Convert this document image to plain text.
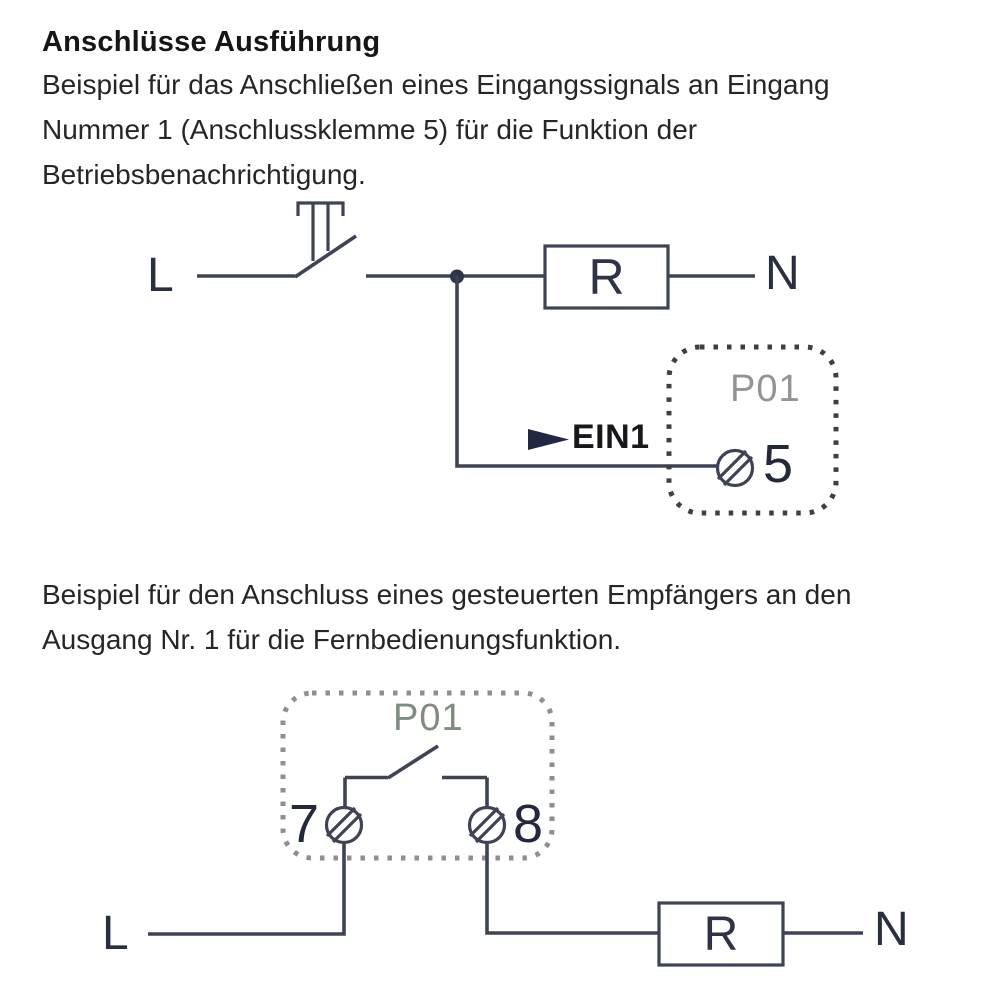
Anschlüsse Ausführung
Beispiel für das Anschließen eines Eingangssignals an Eingang
Nummer 1 (Anschlussklemme 5) für die Funktion der
Betriebsbenachrichtigung.
Beispiel für den Anschluss eines gesteuerten Empfängers an den
Ausgang Nr. 1 für die Fernbedienungsfunktion.
L	N
R
P01
EIN1 5
P01
7	8
L	N
R
